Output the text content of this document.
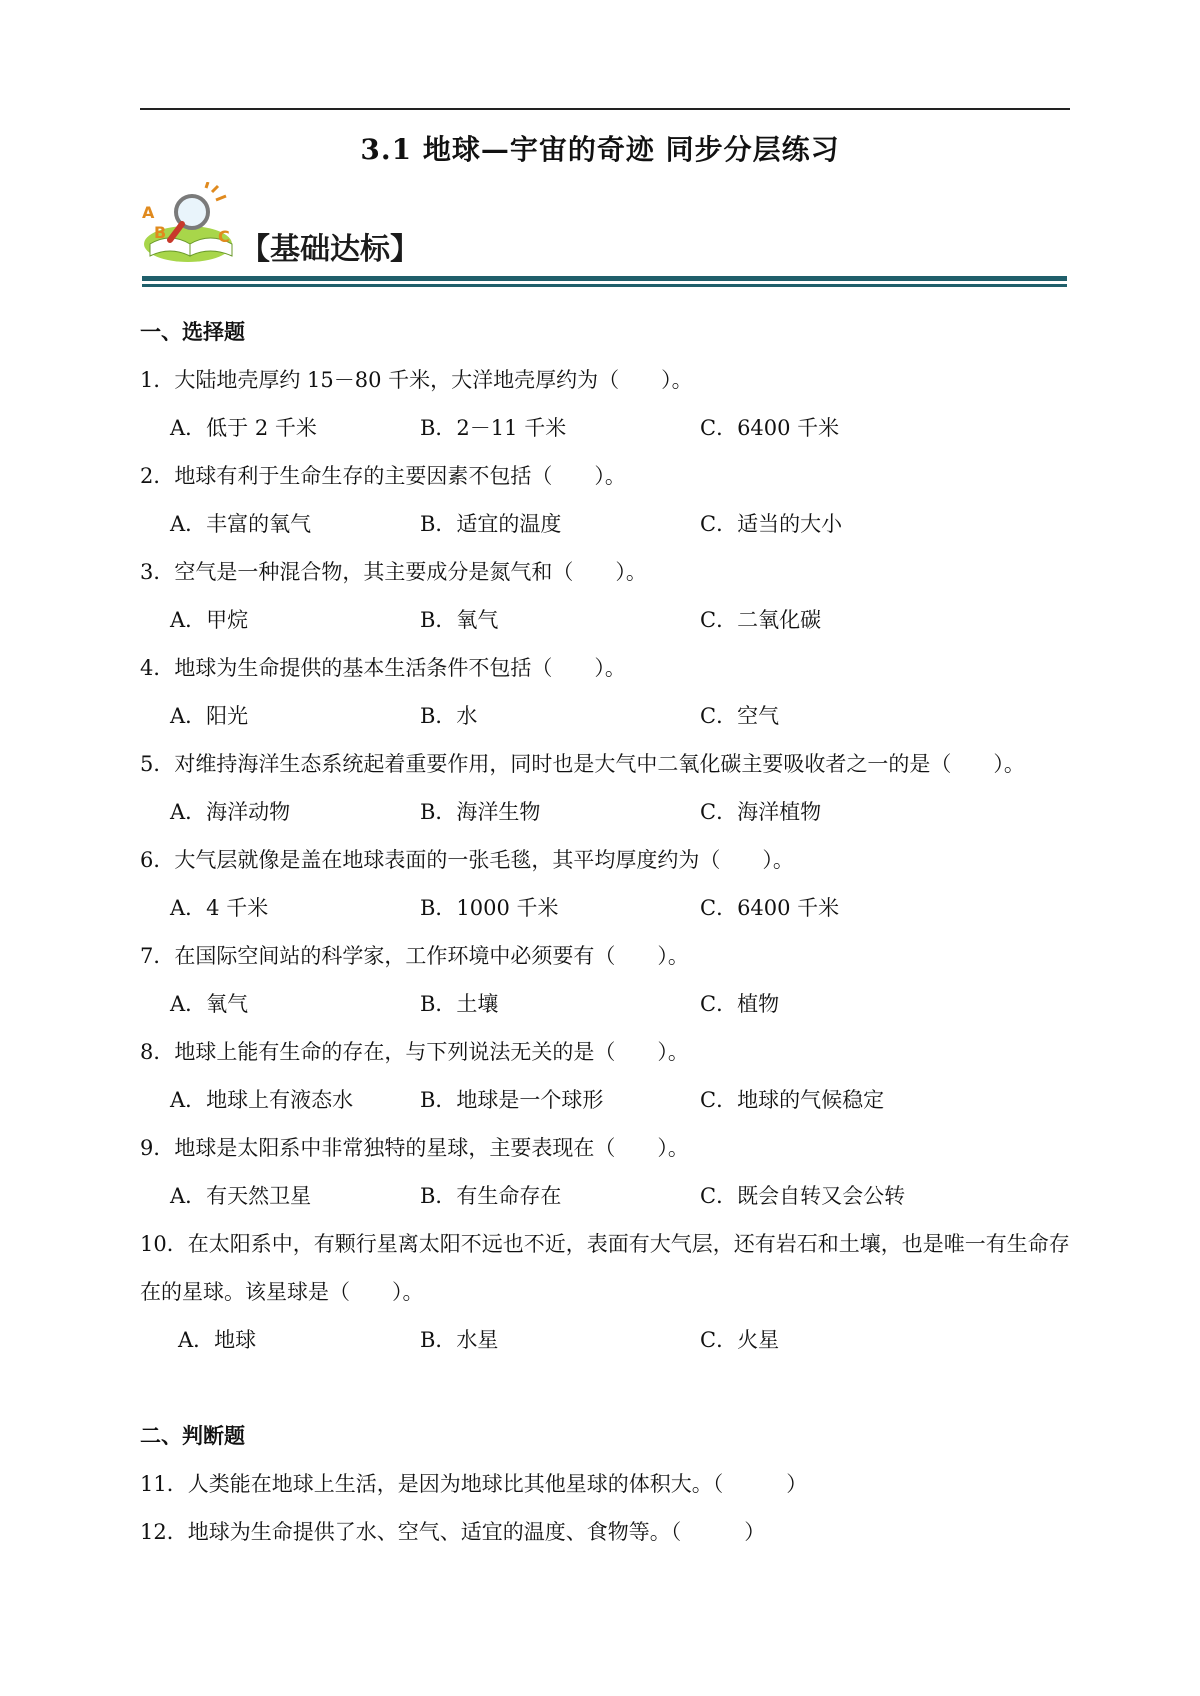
3.1 地球—宇宙的奇迹 同步分层练习
A
B	C 【基础达标】
一、选择题
1．大陆地壳厚约 15－80 千米，大洋地壳厚约为（　　）。
A．低于 2 千米	B．2－11 千米	C．6400 千米
2．地球有利于生命生存的主要因素不包括（　　）。
A．丰富的氧气	B．适宜的温度	C．适当的大小
3．空气是一种混合物，其主要成分是氮气和（　　）。
A．甲烷	B．氧气	C．二氧化碳
4．地球为生命提供的基本生活条件不包括（　　）。
A．阳光	B．水	C．空气
5．对维持海洋生态系统起着重要作用，同时也是大气中二氧化碳主要吸收者之一的是（　　）。
A．海洋动物	B．海洋生物	C．海洋植物
6．大气层就像是盖在地球表面的一张毛毯，其平均厚度约为（　　）。
A．4 千米	B．1000 千米	C．6400 千米
7．在国际空间站的科学家，工作环境中必须要有（　　）。
A．氧气	B．土壤	C．植物
8．地球上能有生命的存在，与下列说法无关的是（　　）。
A．地球上有液态水	B．地球是一个球形	C．地球的气候稳定
9．地球是太阳系中非常独特的星球，主要表现在（　　）。
A．有天然卫星	B．有生命存在	C．既会自转又会公转
10．在太阳系中，有颗行星离太阳不远也不近，表面有大气层，还有岩石和土壤，也是唯一有生命存在的星球。该星球是（　　）。
A．地球	B．水星	C．火星
二、判断题
11．人类能在地球上生活，是因为地球比其他星球的体积大。（　　　）
12．地球为生命提供了水、空气、适宜的温度、食物等。（　　　）
